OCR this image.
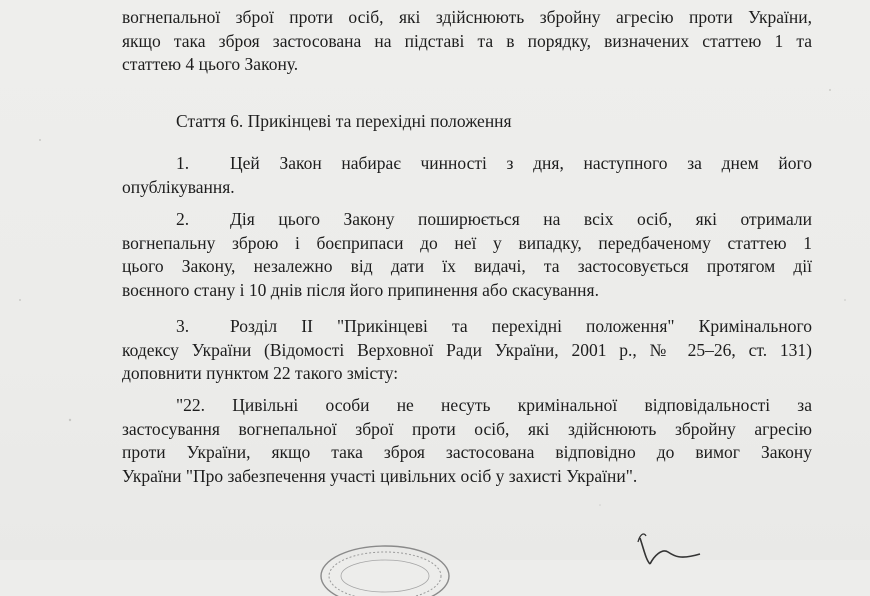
вогнепальної зброї проти осіб, які здійснюють збройну агресію проти України,
якщо така зброя застосована на підставі та в порядку, визначених статтею 1 та
статтею 4 цього Закону.
Стаття 6. Прикінцеві та перехідні положення
1. Цей Закон набирає чинності з дня, наступного за днем його
опублікування.
2. Дія цього Закону поширюється на всіх осіб, які отримали
вогнепальну зброю і боєприпаси до неї у випадку, передбаченому статтею 1
цього Закону, незалежно від дати їх видачі, та застосовується протягом дії
воєнного стану і 10 днів після його припинення або скасування.
3. Розділ II "Прикінцеві та перехідні положення" Кримінального
кодексу України (Відомості Верховної Ради України, 2001 р., № 25–26, ст. 131)
доповнити пунктом 22 такого змісту:
"22. Цивільні особи не несуть кримінальної відповідальності за
застосування вогнепальної зброї проти осіб, які здійснюють збройну агресію
проти України, якщо така зброя застосована відповідно до вимог Закону
України "Про забезпечення участі цивільних осіб у захисті України".
